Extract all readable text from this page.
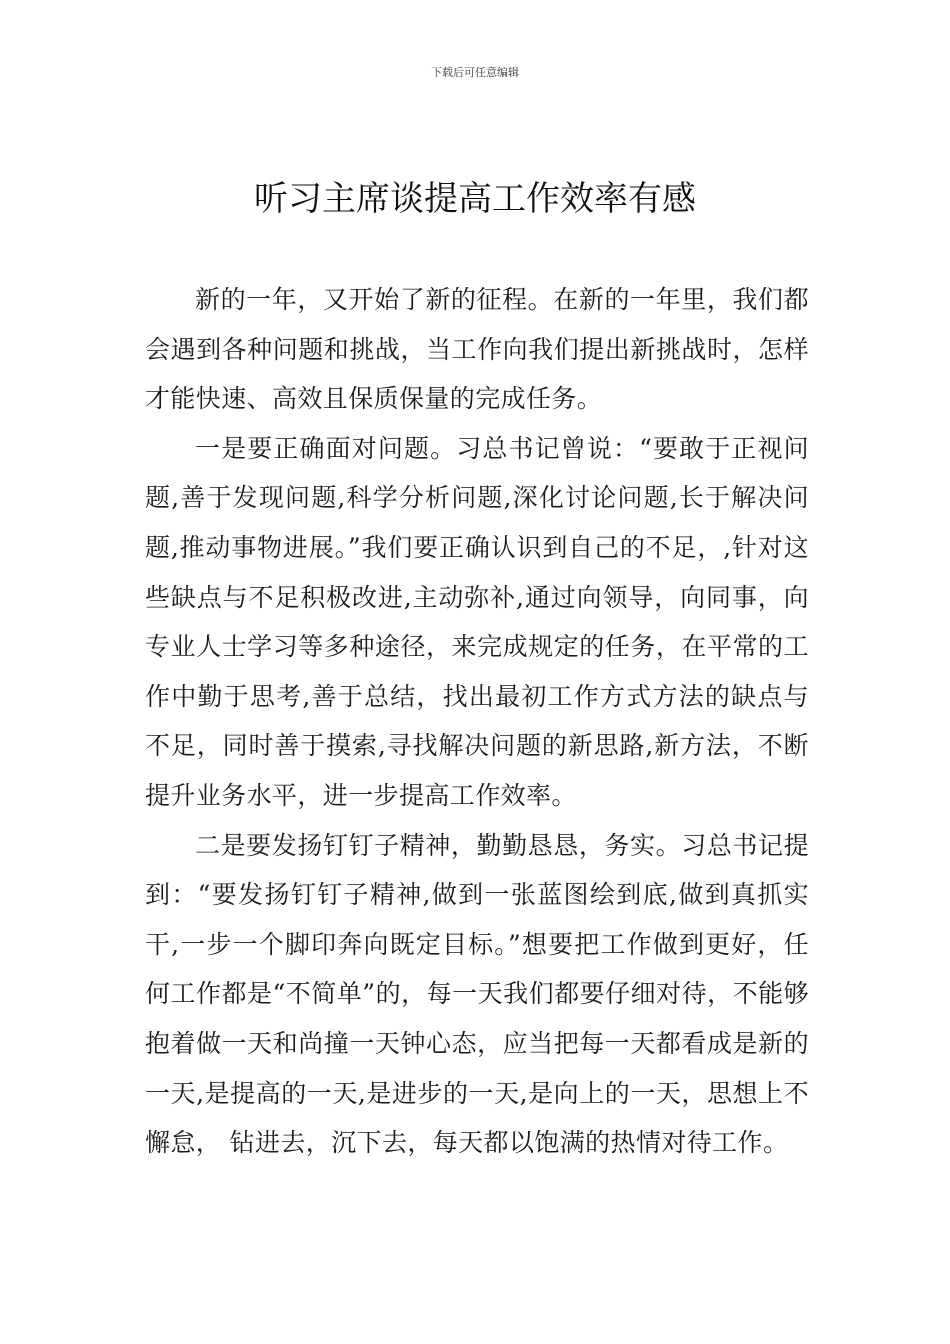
下载后可任意编辑
听习主席谈提高工作效率有感

新的一年，又开始了新的征程。在新的一年里，我们都会遇到各种问题和挑战，当工作向我们提出新挑战时，怎样才能快速、高效且保质保量的完成任务。

一是要正确面对问题。习总书记曾说：“要敢于正视问题,善于发现问题,科学分析问题,深化讨论问题,长于解决问题,推动事物进展。”我们要正确认识到自己的不足，,针对这些缺点与不足积极改进,主动弥补,通过向领导，向同事，向专业人士学习等多种途径，来完成规定的任务，在平常的工作中勤于思考,善于总结，找出最初工作方式方法的缺点与不足，同时善于摸索,寻找解决问题的新思路,新方法，不断提升业务水平，进一步提高工作效率。

二是要发扬钉钉子精神，勤勤恳恳，务实。习总书记提到：“要发扬钉钉子精神,做到一张蓝图绘到底,做到真抓实干,一步一个脚印奔向既定目标。”想要把工作做到更好，任何工作都是“不简单”的，每一天我们都要仔细对待，不能够抱着做一天和尚撞一天钟心态，应当把每一天都看成是新的一天,是提高的一天,是进步的一天,是向上的一天，思想上不懈怠， 钻进去，沉下去，每天都以饱满的热情对待工作。
